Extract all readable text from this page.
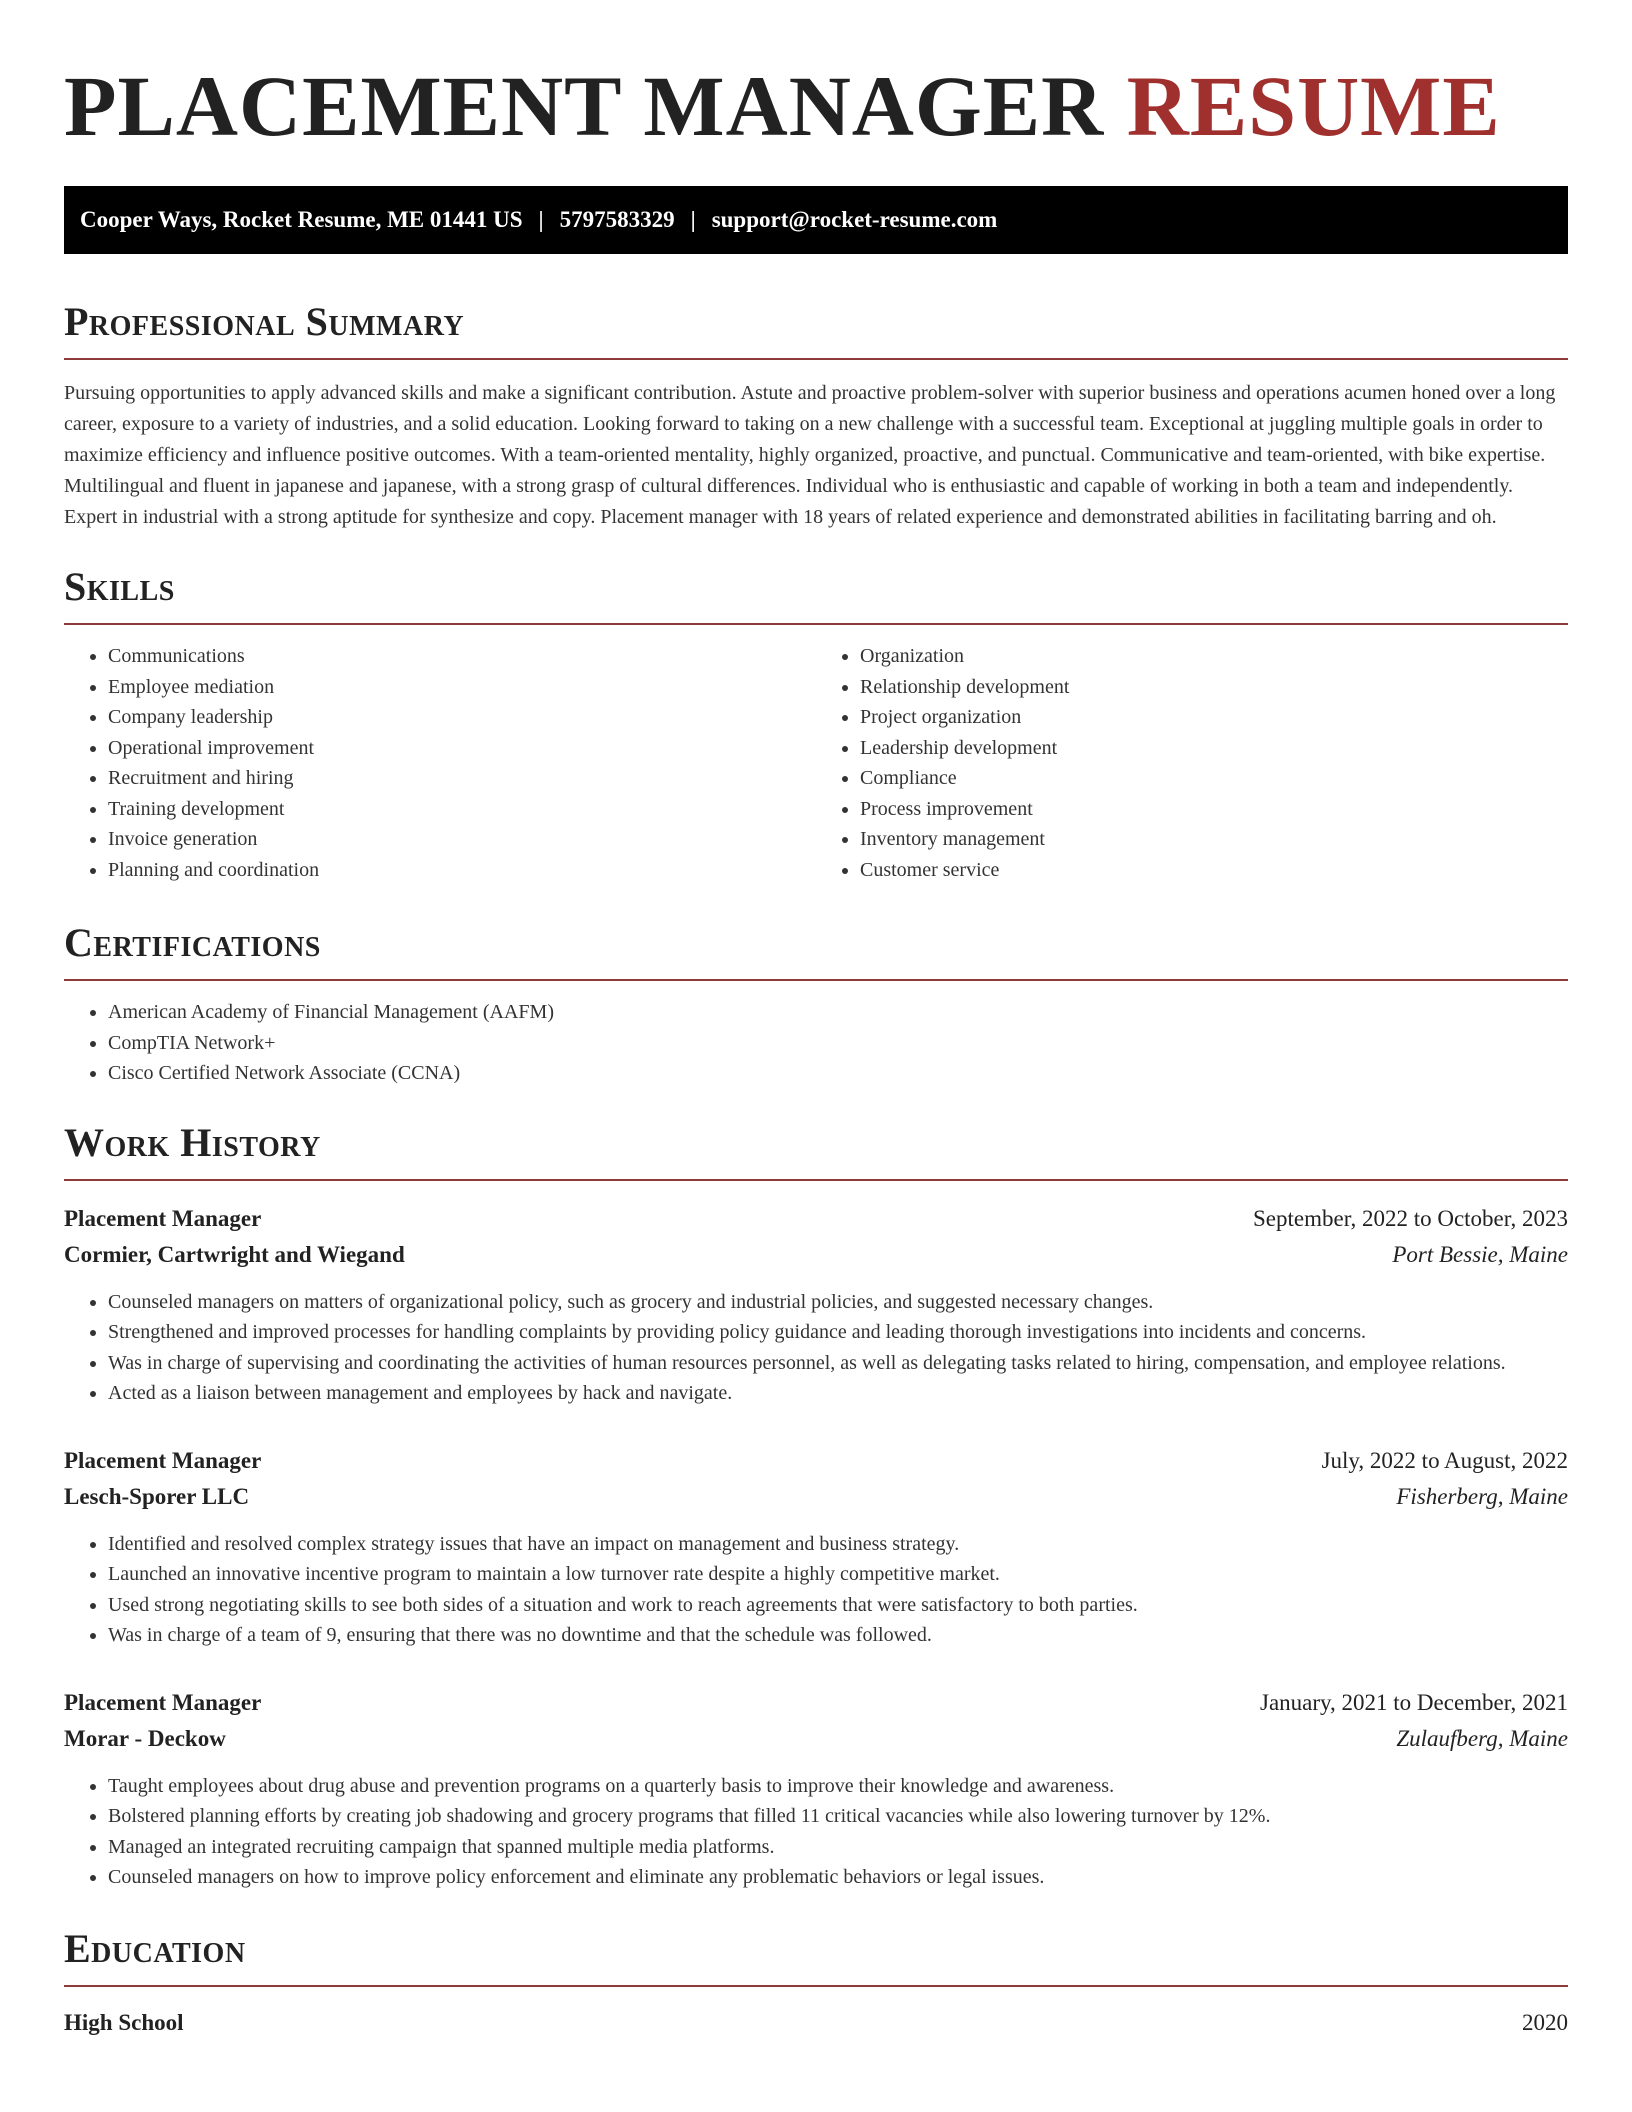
PLACEMENT MANAGER RESUME
Cooper Ways, Rocket Resume, ME 01441 US | 5797583329 | support@rocket-resume.com
Professional Summary

Pursuing opportunities to apply advanced skills and make a significant contribution. Astute and proactive problem-solver with superior business and operations acumen honed over a long career, exposure to a variety of industries, and a solid education. Looking forward to taking on a new challenge with a successful team. Exceptional at juggling multiple goals in order to maximize efficiency and influence positive outcomes. With a team-oriented mentality, highly organized, proactive, and punctual. Communicative and team-oriented, with bike expertise. Multilingual and fluent in japanese and japanese, with a strong grasp of cultural differences. Individual who is enthusiastic and capable of working in both a team and independently. Expert in industrial with a strong aptitude for synthesize and copy. Placement manager with 18 years of related experience and demonstrated abilities in facilitating barring and oh.

Skills
• Communications
• Employee mediation
• Company leadership
• Operational improvement
• Recruitment and hiring
• Training development
• Invoice generation
• Planning and coordination
• Organization
• Relationship development
• Project organization
• Leadership development
• Compliance
• Process improvement
• Inventory management
• Customer service
Certifications
• American Academy of Financial Management (AAFM)
• CompTIA Network+
• Cisco Certified Network Associate (CCNA)
Work History
Placement Manager	September, 2022 to October, 2023
Cormier, Cartwright and Wiegand	Port Bessie, Maine
• Counseled managers on matters of organizational policy, such as grocery and industrial policies, and suggested necessary changes.
• Strengthened and improved processes for handling complaints by providing policy guidance and leading thorough investigations into incidents and concerns.
• Was in charge of supervising and coordinating the activities of human resources personnel, as well as delegating tasks related to hiring, compensation, and employee relations.
• Acted as a liaison between management and employees by hack and navigate.
Placement Manager	July, 2022 to August, 2022
Lesch-Sporer LLC	Fisherberg, Maine
• Identified and resolved complex strategy issues that have an impact on management and business strategy.
• Launched an innovative incentive program to maintain a low turnover rate despite a highly competitive market.
• Used strong negotiating skills to see both sides of a situation and work to reach agreements that were satisfactory to both parties.
• Was in charge of a team of 9, ensuring that there was no downtime and that the schedule was followed.
Placement Manager	January, 2021 to December, 2021
Morar - Deckow	Zulaufberg, Maine
• Taught employees about drug abuse and prevention programs on a quarterly basis to improve their knowledge and awareness.
• Bolstered planning efforts by creating job shadowing and grocery programs that filled 11 critical vacancies while also lowering turnover by 12%.
• Managed an integrated recruiting campaign that spanned multiple media platforms.
• Counseled managers on how to improve policy enforcement and eliminate any problematic behaviors or legal issues.
Education
High School	2020
